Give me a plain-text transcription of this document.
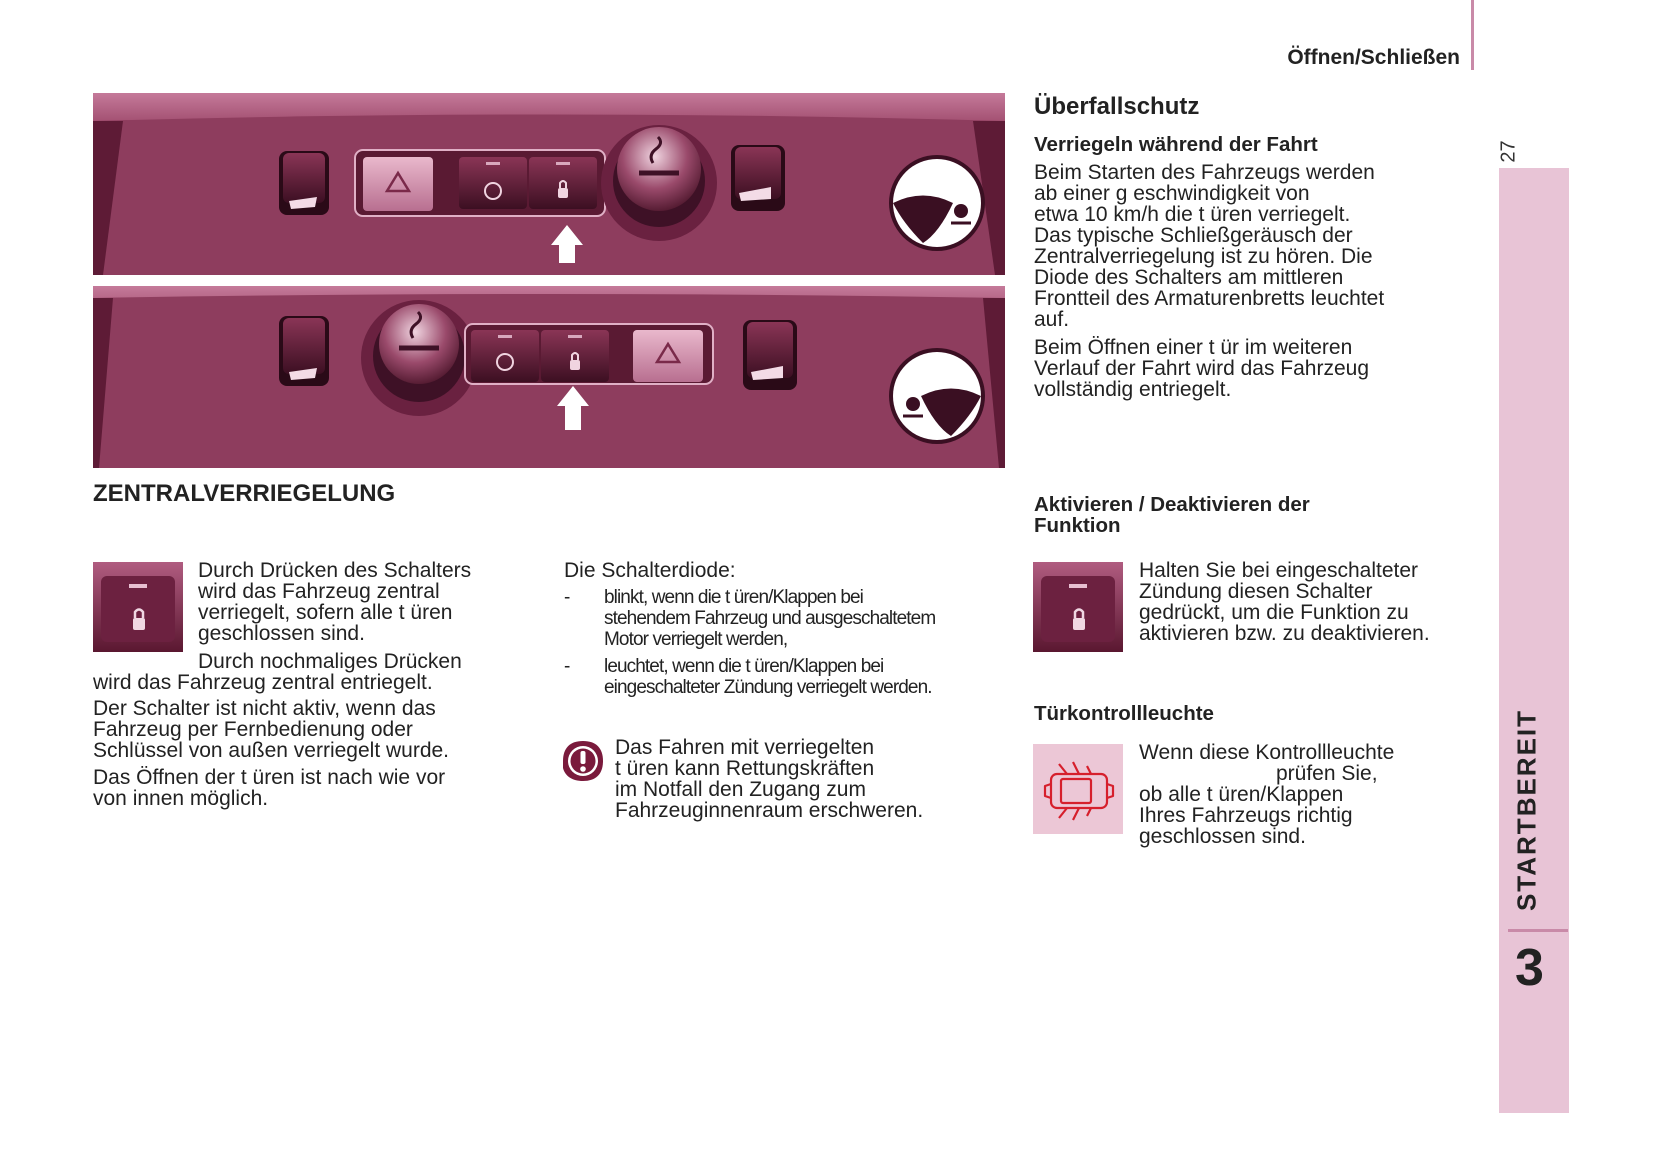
Öffnen/Schließen
27
STARTBEREIT
3
ZENTRALVERRIEGELUNG
Durch Drücken des Schalters
wird das Fahrzeug zentral
verriegelt, sofern alle t üren
geschlossen sind.
Durch nochmaliges Drücken
wird das Fahrzeug zentral entriegelt.
Der Schalter ist nicht aktiv, wenn das
Fahrzeug per Fernbedienung oder
Schlüssel von außen verriegelt wurde.
Das Öffnen der t üren ist nach wie vor
von innen möglich.
Die Schalterdiode:
- blinkt, wenn die t üren/Klappen bei
stehendem Fahrzeug und ausgeschaltetem
Motor verriegelt werden,
- leuchtet, wenn die t üren/Klappen bei
eingeschalteter Zündung verriegelt werden.
Das Fahren mit verriegelten
t üren kann Rettungskräften
im Notfall den Zugang zum
Fahrzeuginnenraum erschweren.
Überfallschutz
Verriegeln während der Fahrt
Beim Starten des Fahrzeugs werden
ab einer g eschwindigkeit von
etwa 10 km/h die t üren verriegelt.
Das typische Schließgeräusch der
Zentralverriegelung ist zu hören. Die
Diode des Schalters am mittleren
Frontteil des Armaturenbretts leuchtet
auf.
Beim Öffnen einer t ür im weiteren
Verlauf der Fahrt wird das Fahrzeug
vollständig entriegelt.
Aktivieren / Deaktivieren der
Funktion
Halten Sie bei eingeschalteter
Zündung diesen Schalter
gedrückt, um die Funktion zu
aktivieren bzw. zu deaktivieren.
Türkontrollleuchte
Wenn diese Kontrollleuchte
prüfen Sie,
ob alle t üren/Klappen
Ihres Fahrzeugs richtig
geschlossen sind.
